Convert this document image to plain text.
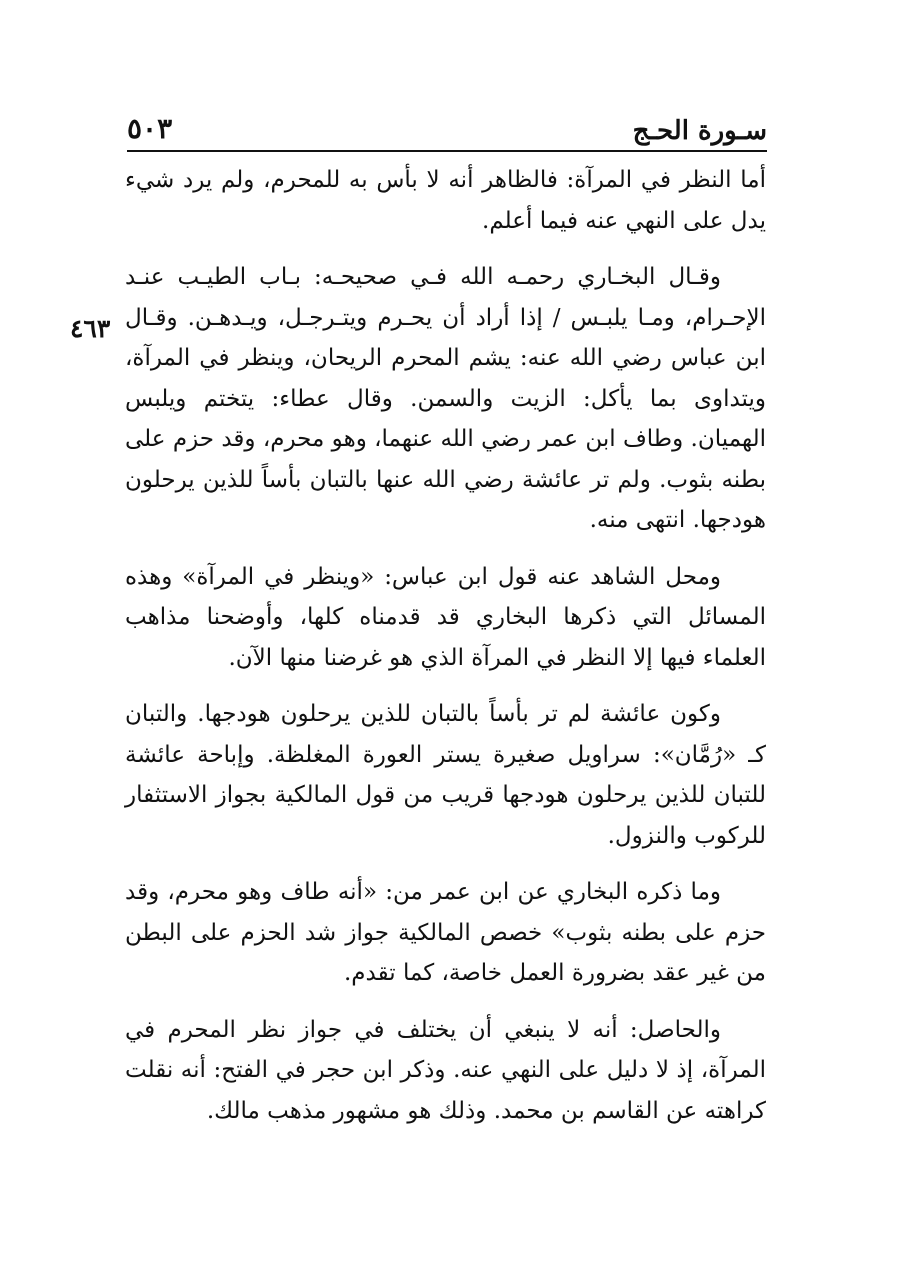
سـورة الحـج
٥٠٣
٤٦٣

أما النظر في المرآة: فالظاهر أنه لا بأس به للمحرم، ولم يرد شيء يدل على النهي عنه فيما أعلم.

وقـال البخـاري رحمـه الله فـي صحيحـه: بـاب الطيـب عنـد الإحـرام، ومـا يلبـس / إذا أراد أن يحـرم ويتـرجـل، ويـدهـن. وقـال ابن عباس رضي الله عنه: يشم المحرم الريحان، وينظر في المرآة، ويتداوى بما يأكل: الزيت والسمن. وقال عطاء: يتختم ويلبس الهميان. وطاف ابن عمر رضي الله عنهما، وهو محرم، وقد حزم على بطنه بثوب. ولم تر عائشة رضي الله عنها بالتبان بأساً للذين يرحلون هودجها. انتهى منه.

ومحل الشاهد عنه قول ابن عباس: «وينظر في المرآة» وهذه المسائل التي ذكرها البخاري قد قدمناه كلها، وأوضحنا مذاهب العلماء فيها إلا النظر في المرآة الذي هو غرضنا منها الآن.

وكون عائشة لم تر بأساً بالتبان للذين يرحلون هودجها. والتبان كـ «رُمَّان»: سراويل صغيرة يستر العورة المغلظة. وإباحة عائشة للتبان للذين يرحلون هودجها قريب من قول المالكية بجواز الاستثفار للركوب والنزول.

وما ذكره البخاري عن ابن عمر من: «أنه طاف وهو محرم، وقد حزم على بطنه بثوب» خصص المالكية جواز شد الحزم على البطن من غير عقد بضرورة العمل خاصة، كما تقدم.

والحاصل: أنه لا ينبغي أن يختلف في جواز نظر المحرم في المرآة، إذ لا دليل على النهي عنه. وذكر ابن حجر في الفتح: أنه نقلت كراهته عن القاسم بن محمد. وذلك هو مشهور مذهب مالك.
